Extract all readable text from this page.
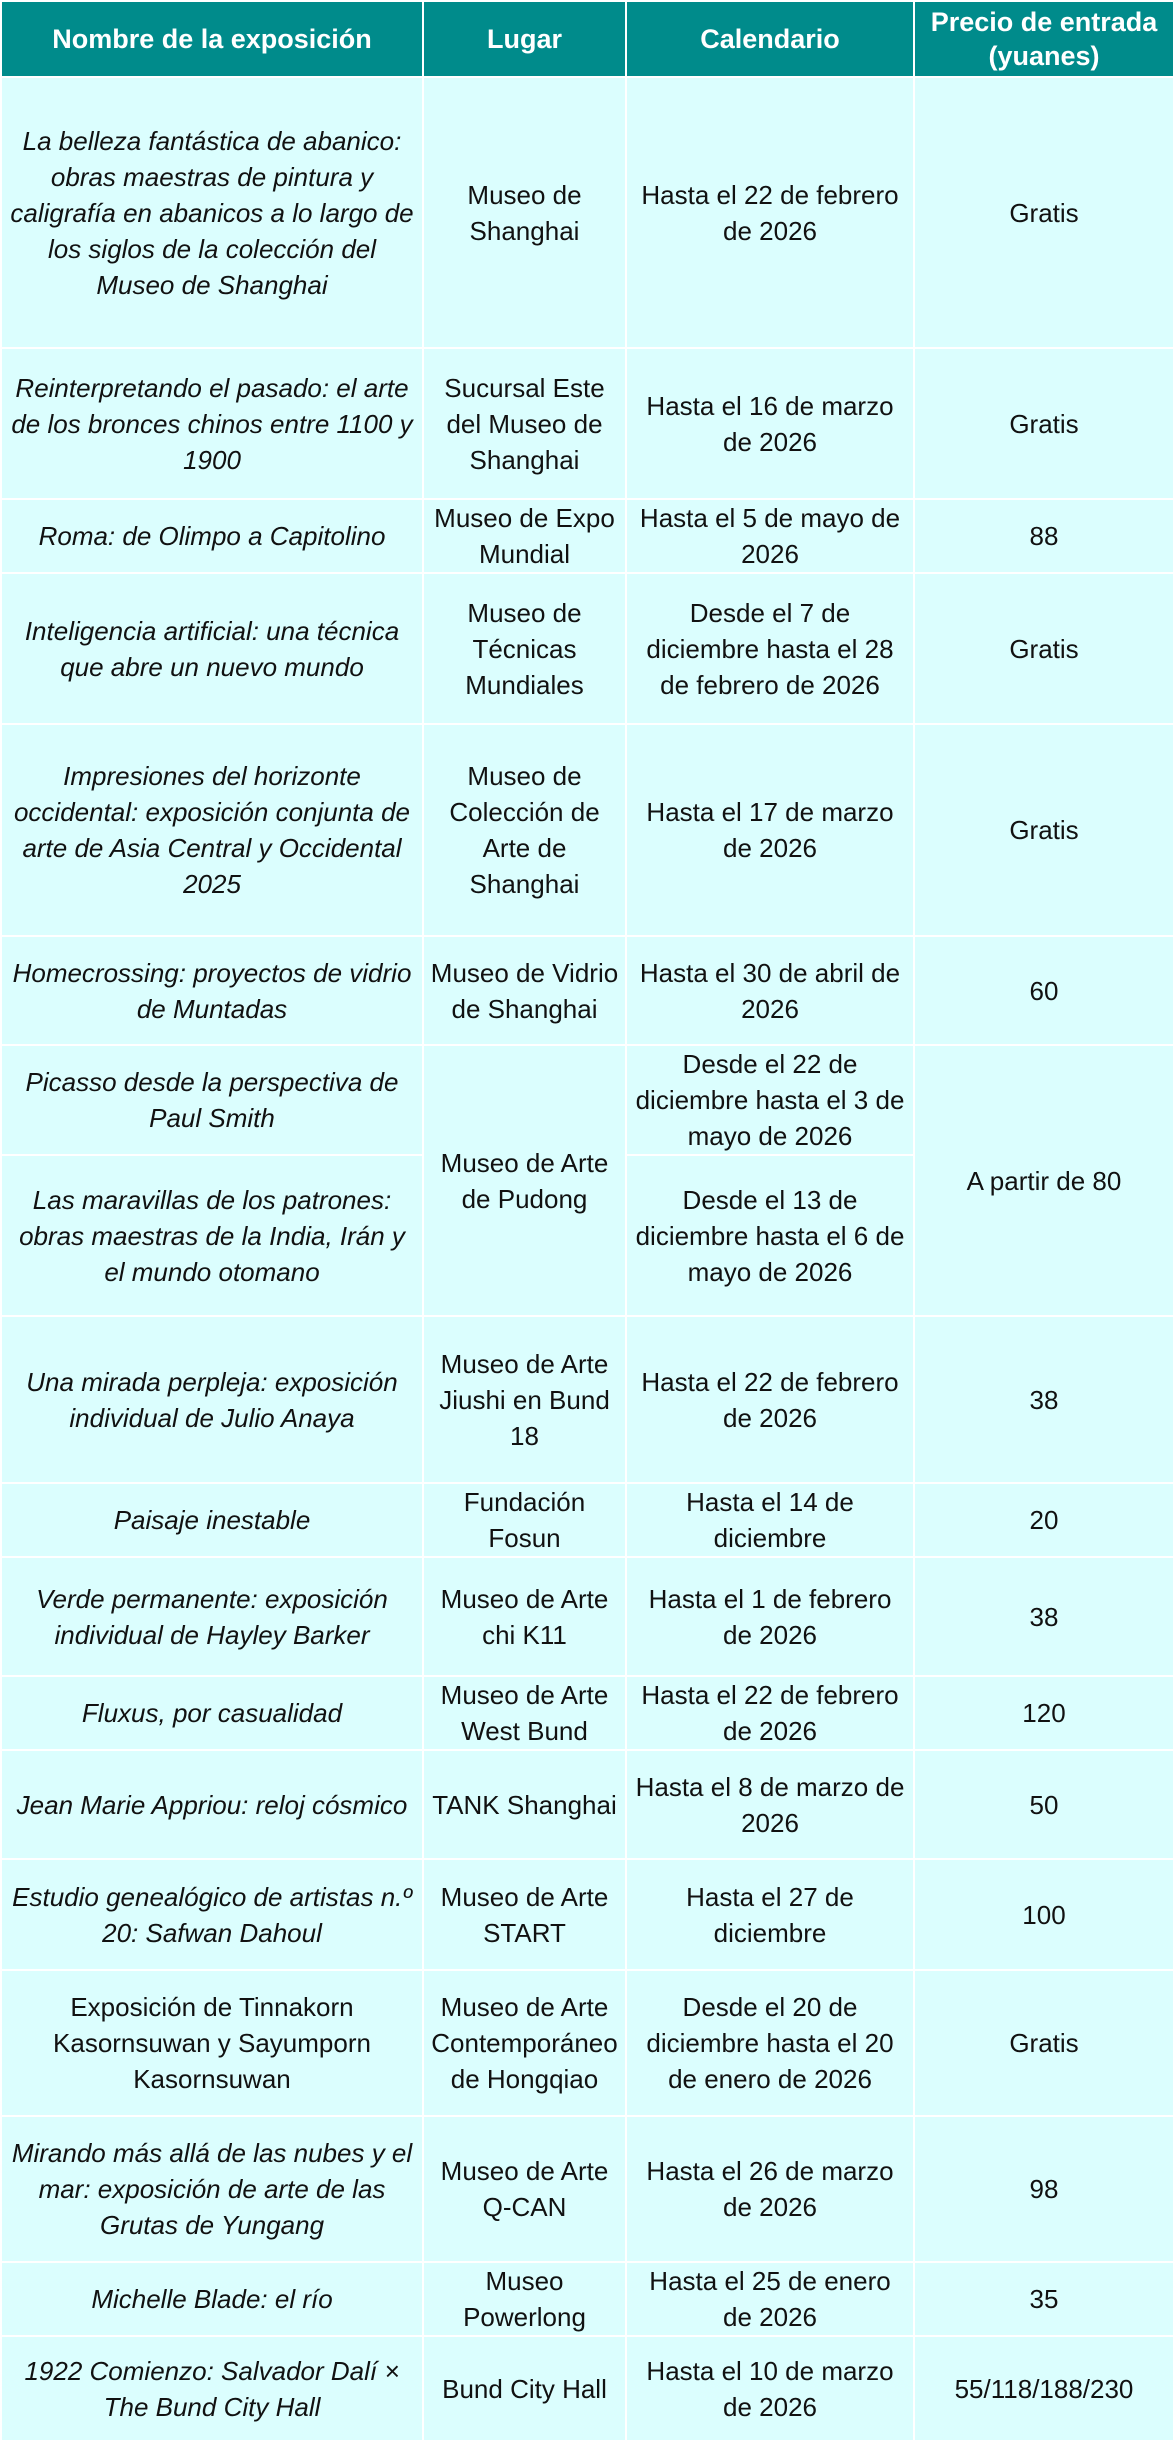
Nombre de la exposición	Lugar	Calendario	Precio de entrada (yuanes)
La belleza fantástica de abanico: obras maestras de pintura y caligrafía en abanicos a lo largo de los siglos de la colección del Museo de Shanghai	Museo de Shanghai	Hasta el 22 de febrero de 2026	Gratis
Reinterpretando el pasado: el arte de los bronces chinos entre 1100 y 1900	Sucursal Este del Museo de Shanghai	Hasta el 16 de marzo de 2026	Gratis
Roma: de Olimpo a Capitolino	Museo de Expo Mundial	Hasta el 5 de mayo de 2026	88
Inteligencia artificial: una técnica que abre un nuevo mundo	Museo de Técnicas Mundiales	Desde el 7 de diciembre hasta el 28 de febrero de 2026	Gratis
Impresiones del horizonte occidental: exposición conjunta de arte de Asia Central y Occidental 2025	Museo de Colección de Arte de Shanghai	Hasta el 17 de marzo de 2026	Gratis
Homecrossing: proyectos de vidrio de Muntadas	Museo de Vidrio de Shanghai	Hasta el 30 de abril de 2026	60
Picasso desde la perspectiva de Paul Smith	Museo de Arte de Pudong	Desde el 22 de diciembre hasta el 3 de mayo de 2026	A partir de 80
Las maravillas de los patrones: obras maestras de la India, Irán y el mundo otomano		Desde el 13 de diciembre hasta el 6 de mayo de 2026	
Una mirada perpleja: exposición individual de Julio Anaya	Museo de Arte Jiushi en Bund 18	Hasta el 22 de febrero de 2026	38
Paisaje inestable	Fundación Fosun	Hasta el 14 de diciembre	20
Verde permanente: exposición individual de Hayley Barker	Museo de Arte chi K11	Hasta el 1 de febrero de 2026	38
Fluxus, por casualidad	Museo de Arte West Bund	Hasta el 22 de febrero de 2026	120
Jean Marie Appriou: reloj cósmico	TANK Shanghai	Hasta el 8 de marzo de 2026	50
Estudio genealógico de artistas n.º 20: Safwan Dahoul	Museo de Arte START	Hasta el 27 de diciembre	100
Exposición de Tinnakorn Kasornsuwan y Sayumporn Kasornsuwan	Museo de Arte Contemporáneo de Hongqiao	Desde el 20 de diciembre hasta el 20 de enero de 2026	Gratis
Mirando más allá de las nubes y el mar: exposición de arte de las Grutas de Yungang	Museo de Arte Q-CAN	Hasta el 26 de marzo de 2026	98
Michelle Blade: el río	Museo Powerlong	Hasta el 25 de enero de 2026	35
1922 Comienzo: Salvador Dalí × The Bund City Hall	Bund City Hall	Hasta el 10 de marzo de 2026	55/118/188/230
